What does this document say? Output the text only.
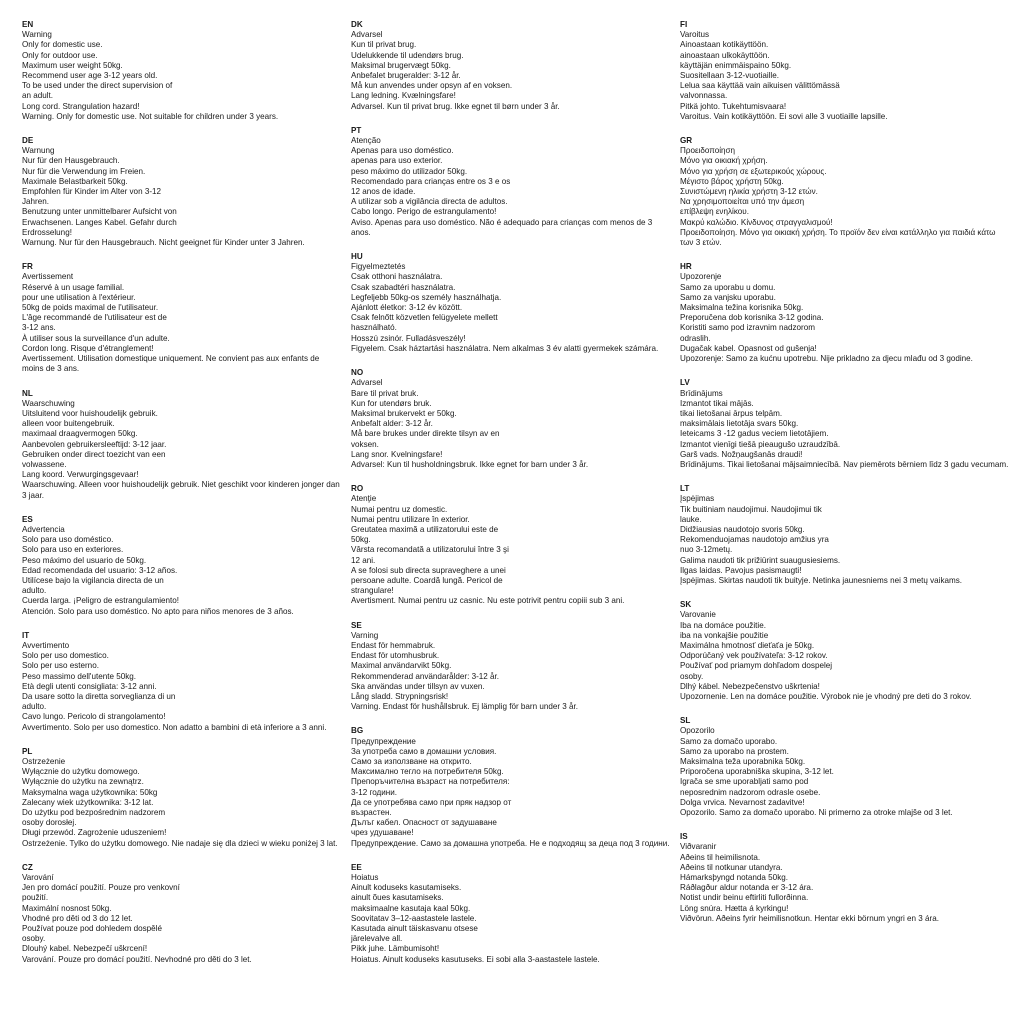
EN
Warning
Only for domestic use.
Only for outdoor use.
Maximum user weight 50kg.
Recommend user age 3-12 years old.
To be used under the direct supervision of
an adult.
Long cord. Strangulation hazard!
Warning. Only for domestic use. Not suitable for children under 3 years.
DE
Warnung
Nur für den Hausgebrauch.
Nur für die Verwendung im Freien.
Maximale Belastbarkeit 50kg.
Empfohlen für Kinder im Alter von 3-12
Jahren.
Benutzung unter unmittelbarer Aufsicht von
Erwachsenen. Langes Kabel. Gefahr durch
Erdrosselung!
Warnung. Nur für den Hausgebrauch. Nicht geeignet für Kinder unter 3 Jahren.
FR
Avertissement
Réservé à un usage familial.
pour une utilisation à l'extérieur.
50kg de poids maximal de l'utilisateur.
L'âge recommandé de l'utilisateur est de
3-12 ans.
À utiliser sous la surveillance d'un adulte.
Cordon long. Risque d'étranglement!
Avertissement. Utilisation domestique uniquement. Ne convient pas aux enfants de moins de 3 ans.
NL
Waarschuwing
Uitsluitend voor huishoudelijk gebruik.
alleen voor buitengebruik.
maximaal draagvermogen 50kg.
Aanbevolen gebruikersleeftijd: 3-12 jaar.
Gebruiken onder direct toezicht van een
volwassene.
Lang koord. Verwurgingsgevaar!
Waarschuwing. Alleen voor huishoudelijk gebruik. Niet geschikt voor kinderen jonger dan 3 jaar.
ES
Advertencia
Solo para uso doméstico.
Solo para uso en exteriores.
Peso máximo del usuario de 50kg.
Edad recomendada del usuario: 3-12 años.
Utilícese bajo la vigilancia directa de un
adulto.
Cuerda larga. ¡Peligro de estrangulamiento!
Atención. Solo para uso doméstico. No apto para niños menores de 3 años.
IT
Avvertimento
Solo per uso domestico.
Solo per uso esterno.
Peso massimo dell'utente 50kg.
Età degli utenti consigliata: 3-12 anni.
Da usare sotto la diretta sorveglianza di un
adulto.
Cavo lungo. Pericolo di strangolamento!
Avvertimento. Solo per uso domestico. Non adatto a bambini di età inferiore a 3 anni.
PL
Ostrzeżenie
Wyłącznie do użytku domowego.
Wyłącznie do użytku na zewnątrz.
Maksymalna waga użytkownika: 50kg
Zalecany wiek użytkownika: 3-12 lat.
Do użytku pod bezpośrednim nadzorem
osoby dorosłej.
Długi przewód. Zagrożenie uduszeniem!
Ostrzeżenie. Tylko do użytku domowego. Nie nadaje się dla dzieci w wieku poniżej 3 lat.
CZ
Varování
Jen pro domácí použití. Pouze pro venkovní
použití.
Maximální nosnost 50kg.
Vhodné pro děti od 3 do 12 let.
Používat pouze pod dohledem dospělé
osoby.
Dlouhý kabel. Nebezpečí uškrcení!
Varování. Pouze pro domácí použití. Nevhodné pro děti do 3 let.
DK
Advarsel
Kun til privat brug.
Udelukkende til udendørs brug.
Maksimal brugervægt 50kg.
Anbefalet brugeralder: 3-12 år.
Må kun anvendes under opsyn af en voksen.
Lang ledning. Kvælningsfare!
Advarsel. Kun til privat brug. Ikke egnet til børn under 3 år.
PT
Atenção
Apenas para uso doméstico.
apenas para uso exterior.
peso máximo do utilizador 50kg.
Recomendado para crianças entre os 3 e os
12 anos de idade.
A utilizar sob a vigilância directa de adultos.
Cabo longo. Perigo de estrangulamento!
Aviso. Apenas para uso doméstico. Não é adequado para crianças com menos de 3 anos.
HU
Figyelmeztetés
Csak otthoni használatra.
Csak szabadtéri használatra.
Legfeljebb 50kg-os személy használhatja.
Ajánlott életkor: 3-12 év között.
Csak felnőtt közvetlen felügyelete mellett
használható.
Hosszú zsinór. Fulladásveszély!
Figyelem. Csak háztartási használatra. Nem alkalmas 3 év alatti gyermekek számára.
NO
Advarsel
Bare til privat bruk.
Kun for utendørs bruk.
Maksimal brukervekt er 50kg.
Anbefalt alder: 3-12 år.
Må bare brukes under direkte tilsyn av en
voksen.
Lang snor. Kvelningsfare!
Advarsel: Kun til husholdningsbruk. Ikke egnet for barn under 3 år.
RO
Atenţie
Numai pentru uz domestic.
Numai pentru utilizare în exterior.
Greutatea maximă a utilizatorului este de
50kg.
Vârsta recomandată a utilizatorului între 3 şi
12 ani.
A se folosi sub directa supraveghere a unei
persoane adulte. Coardă lungă. Pericol de
strangulare!
Avertisment. Numai pentru uz casnic. Nu este potrivit pentru copiii sub 3 ani.
SE
Varning
Endast för hemmabruk.
Endast för utomhusbruk.
Maximal användarvikt 50kg.
Rekommenderad användarålder: 3-12 år.
Ska användas under tillsyn av vuxen.
Lång sladd. Strypningsrisk!
Varning. Endast för hushållsbruk. Ej lämplig för barn under 3 år.
BG
Предупреждение
За употреба само в домашни условия.
Само за използване на открито.
Максимално тегло на потребителя 50kg.
Препоръчителна възраст на потребителя:
3-12 години.
Да се употребява само при пряк надзор от
възрастен.
Дълъг кабел. Опасност от задушаване
чрез удушаване!
Предупреждение. Само за домашна употреба. Не е подходящ за деца под 3 години.
EE
Hoiatus
Ainult koduseks kasutamiseks.
ainult õues kasutamiseks.
maksimaalne kasutaja kaal 50kg.
Soovitatav 3–12-aastastele lastele.
Kasutada ainult täiskasvanu otsese
järelevalve all.
Pikk juhe. Lämbumisoht!
Hoiatus. Ainult koduseks kasutuseks. Ei sobi alla 3-aastastele lastele.
FI
Varoitus
Ainoastaan kotikäyttöön.
ainoastaan ulkokäyttöön.
käyttäjän enimmäispaino 50kg.
Suositellaan 3-12-vuotiaille.
Lelua saa käyttää vain aikuisen välittömässä
valvonnassa.
Pitkä johto. Tukehtumisvaara!
Varoitus. Vain kotikäyttöön. Ei sovi alle 3 vuotiaille lapsille.
GR
Προειδοποίηση
Μόνο για οικιακή χρήση.
Μόνο για χρήση σε εξωτερικούς χώρους.
Μέγιστο βάρος χρήστη 50kg.
Συνιστώμενη ηλικία χρήστη 3-12 ετών.
Να χρησιμοποιείται υπό την άμεση
επίβλεψη ενηλίκου.
Μακρύ καλώδιο. Κίνδυνος στραγγαλισμού!
Προειδοποίηση. Μόνο για οικιακή χρήση. Το προϊόν δεν είναι κατάλληλο για παιδιά κάτω των 3 ετών.
HR
Upozorenje
Samo za uporabu u domu.
Samo za vanjsku uporabu.
Maksimalna težina korisnika 50kg.
Preporučena dob korisnika 3-12 godina.
Koristiti samo pod izravnim nadzorom
odraslih.
Dugačak kabel. Opasnost od gušenja!
Upozorenje: Samo za kućnu upotrebu. Nije prikladno za djecu mlađu od 3 godine.
LV
Brīdinājums
Izmantot tikai mājās.
tikai lietošanai ārpus telpām.
maksimālais lietotāja svars 50kg.
Ieteicams 3 -12 gadus veciem lietotājiem.
Izmantot vienīgi tiešā pieaugušo uzraudzībā.
Garš vads. Nožņaugšanās draudi!
Brīdinājums. Tikai lietošanai mājsaimniecībā. Nav piemērots bērniem līdz 3 gadu vecumam.
LT
Įspėjimas
Tik buitiniam naudojimui. Naudojimui tik
lauke.
Didžiausias naudotojo svoris 50kg.
Rekomenduojamas naudotojo amžius yra
nuo 3-12metų.
Galima naudoti tik prižiūrint suaugusiesiems.
Ilgas laidas. Pavojus pasismaugti!
Įspėjimas. Skirtas naudoti tik buityje. Netinka jaunesniems nei 3 metų vaikams.
SK
Varovanie
Iba na domáce použitie.
iba na vonkajšie použitie
Maximálna hmotnosť dieťaťa je 50kg.
Odporúčaný vek používateľa: 3-12 rokov.
Používať pod priamym dohľadom dospelej
osoby.
Dlhý kábel. Nebezpečenstvo uškrtenia!
Upozornenie. Len na domáce použitie. Výrobok nie je vhodný pre deti do 3 rokov.
SL
Opozorilo
Samo za domačo uporabo.
Samo za uporabo na prostem.
Maksimalna teža uporabnika 50kg.
Priporočena uporabniška skupina, 3-12 let.
Igrača se sme uporabljati samo pod
neposrednim nadzorom odrasle osebe.
Dolga vrvica. Nevarnost zadavitve!
Opozorilo. Samo za domačo uporabo. Ni primerno za otroke mlajše od 3 let.
IS
Viðvaranir
Aðeins til heimilisnota.
Aðeins til notkunar utandyra.
Hámarksþyngd notanda 50kg.
Ráðlagður aldur notanda er 3-12 ára.
Notist undir beinu eftirliti fullorðinna.
Löng snúra. Hætta á kyrkingu!
Viðvörun. Aðeins fyrir heimilisnotkun. Hentar ekki börnum yngri en 3 ára.
